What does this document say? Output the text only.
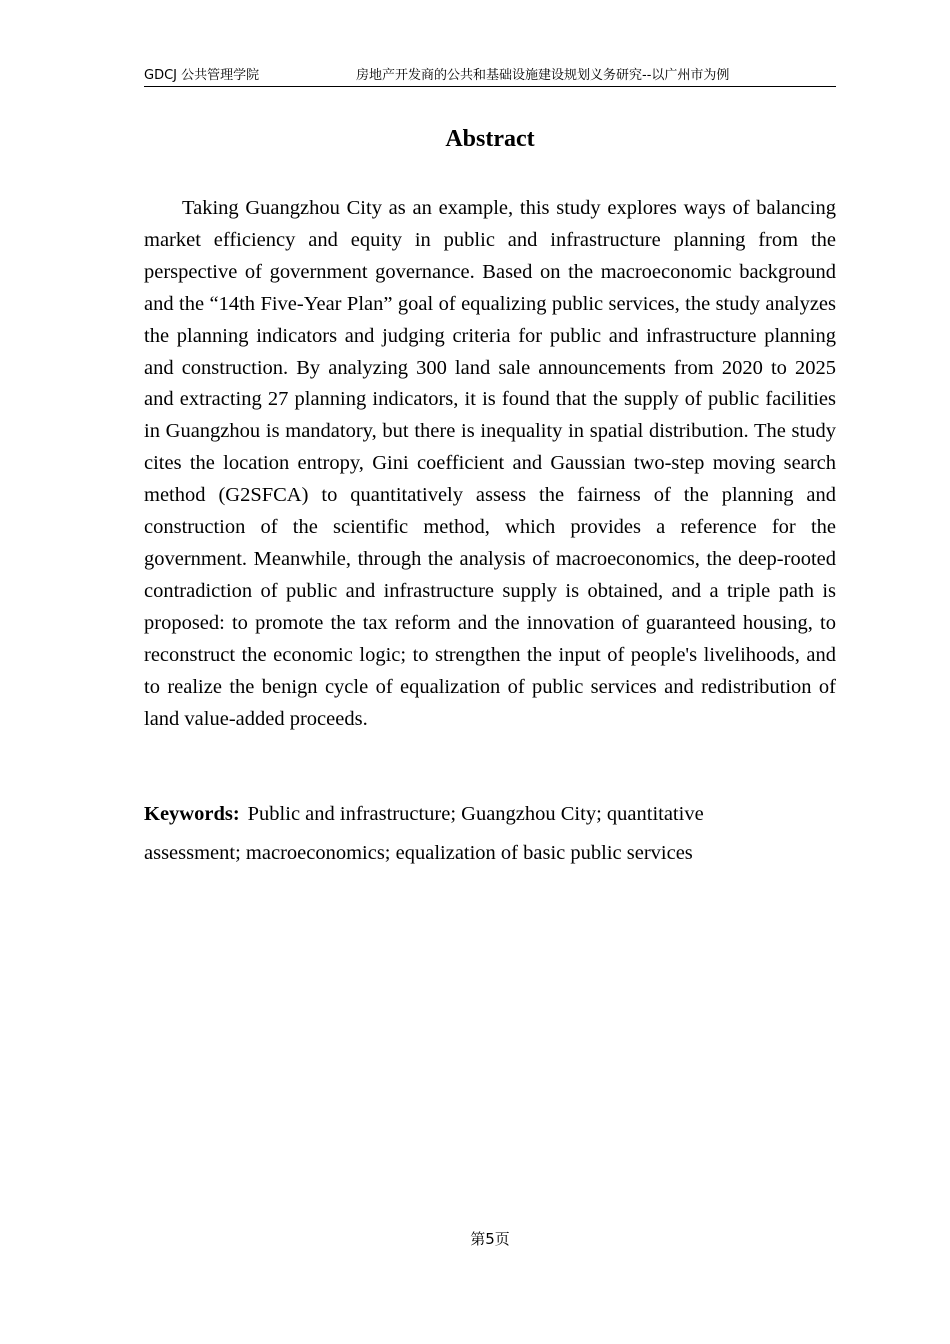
GDCJ 公共管理学院	房地产开发商的公共和基础设施建设规划义务研究--以广州市为例
Abstract

Taking Guangzhou City as an example, this study explores ways of balancing market efficiency and equity in public and infrastructure planning from the perspective of government governance. Based on the macroeconomic background and the “14th Five-Year Plan” goal of equalizing public services, the study analyzes the planning indicators and judging criteria for public and infrastructure planning and construction. By analyzing 300 land sale announcements from 2020 to 2025 and extracting 27 planning indicators, it is found that the supply of public facilities in Guangzhou is mandatory, but there is inequality in spatial distribution. The study cites the location entropy, Gini coefficient and Gaussian two-step moving search method (G2SFCA) to quantitatively assess the fairness of the planning and construction of the scientific method, which provides a reference for the government. Meanwhile, through the analysis of macroeconomics, the deep-rooted contradiction of public and infrastructure supply is obtained, and a triple path is proposed: to promote the tax reform and the innovation of guaranteed housing, to reconstruct the economic logic; to strengthen the input of people's livelihoods, and to realize the benign cycle of equalization of public services and redistribution of land value-added proceeds.

Keywords: Public and infrastructure; Guangzhou City; quantitative assessment; macroeconomics; equalization of basic public services

第5页
